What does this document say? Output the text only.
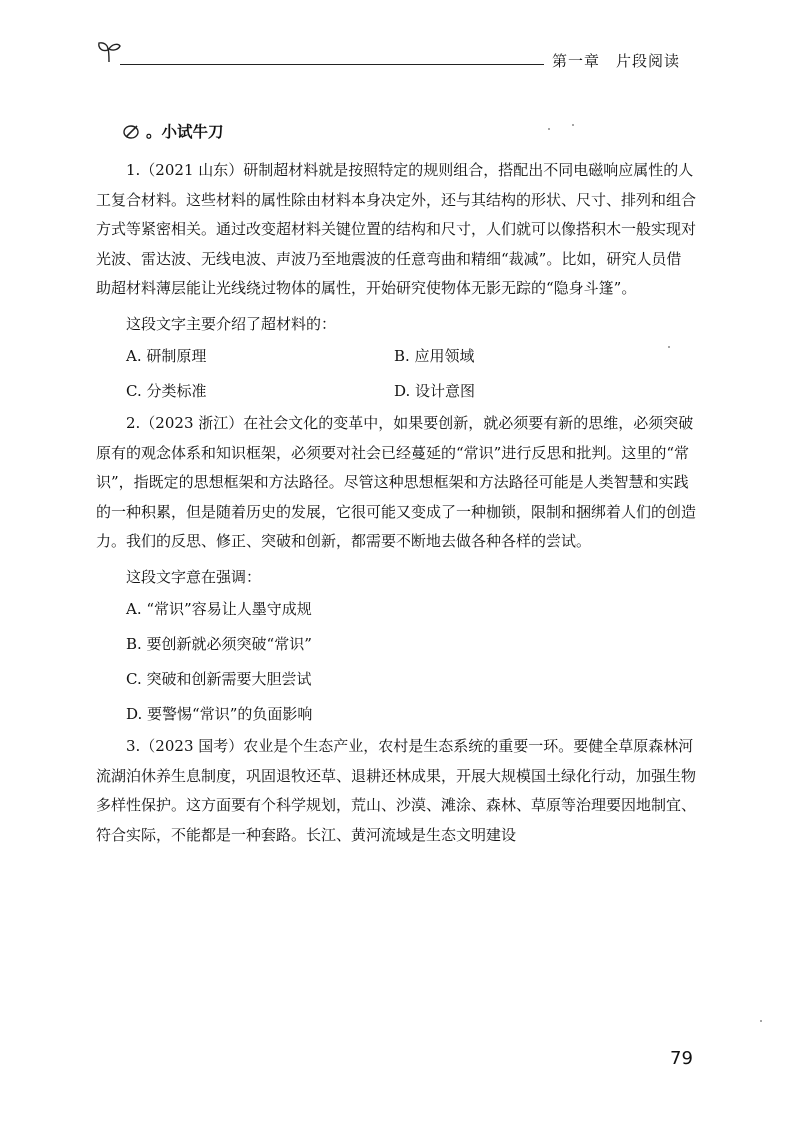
第一章 片段阅读
。小试牛刀

1.（2021 山东）研制超材料就是按照特定的规则组合，搭配出不同电磁响应属性的人工复合材料。这些材料的属性除由材料本身决定外，还与其结构的形状、尺寸、排列和组合方式等紧密相关。通过改变超材料关键位置的结构和尺寸，人们就可以像搭积木一般实现对光波、雷达波、无线电波、声波乃至地震波的任意弯曲和精细“裁减”。比如，研究人员借助超材料薄层能让光线绕过物体的属性，开始研究使物体无影无踪的“隐身斗篷”。

这段文字主要介绍了超材料的：

A. 研制原理	B. 应用领域
C. 分类标准	D. 设计意图

2.（2023 浙江）在社会文化的变革中，如果要创新，就必须要有新的思维，必须突破原有的观念体系和知识框架，必须要对社会已经蔓延的“常识”进行反思和批判。这里的“常识”，指既定的思想框架和方法路径。尽管这种思想框架和方法路径可能是人类智慧和实践的一种积累，但是随着历史的发展，它很可能又变成了一种枷锁，限制和捆绑着人们的创造力。我们的反思、修正、突破和创新，都需要不断地去做各种各样的尝试。

这段文字意在强调：

A. “常识”容易让人墨守成规

B. 要创新就必须突破“常识”

C. 突破和创新需要大胆尝试

D. 要警惕“常识”的负面影响

3.（2023 国考）农业是个生态产业，农村是生态系统的重要一环。要健全草原森林河流湖泊休养生息制度，巩固退牧还草、退耕还林成果，开展大规模国土绿化行动，加强生物多样性保护。这方面要有个科学规划，荒山、沙漠、滩涂、森林、草原等治理要因地制宜、符合实际，不能都是一种套路。长江、黄河流域是生态文明建设

79
